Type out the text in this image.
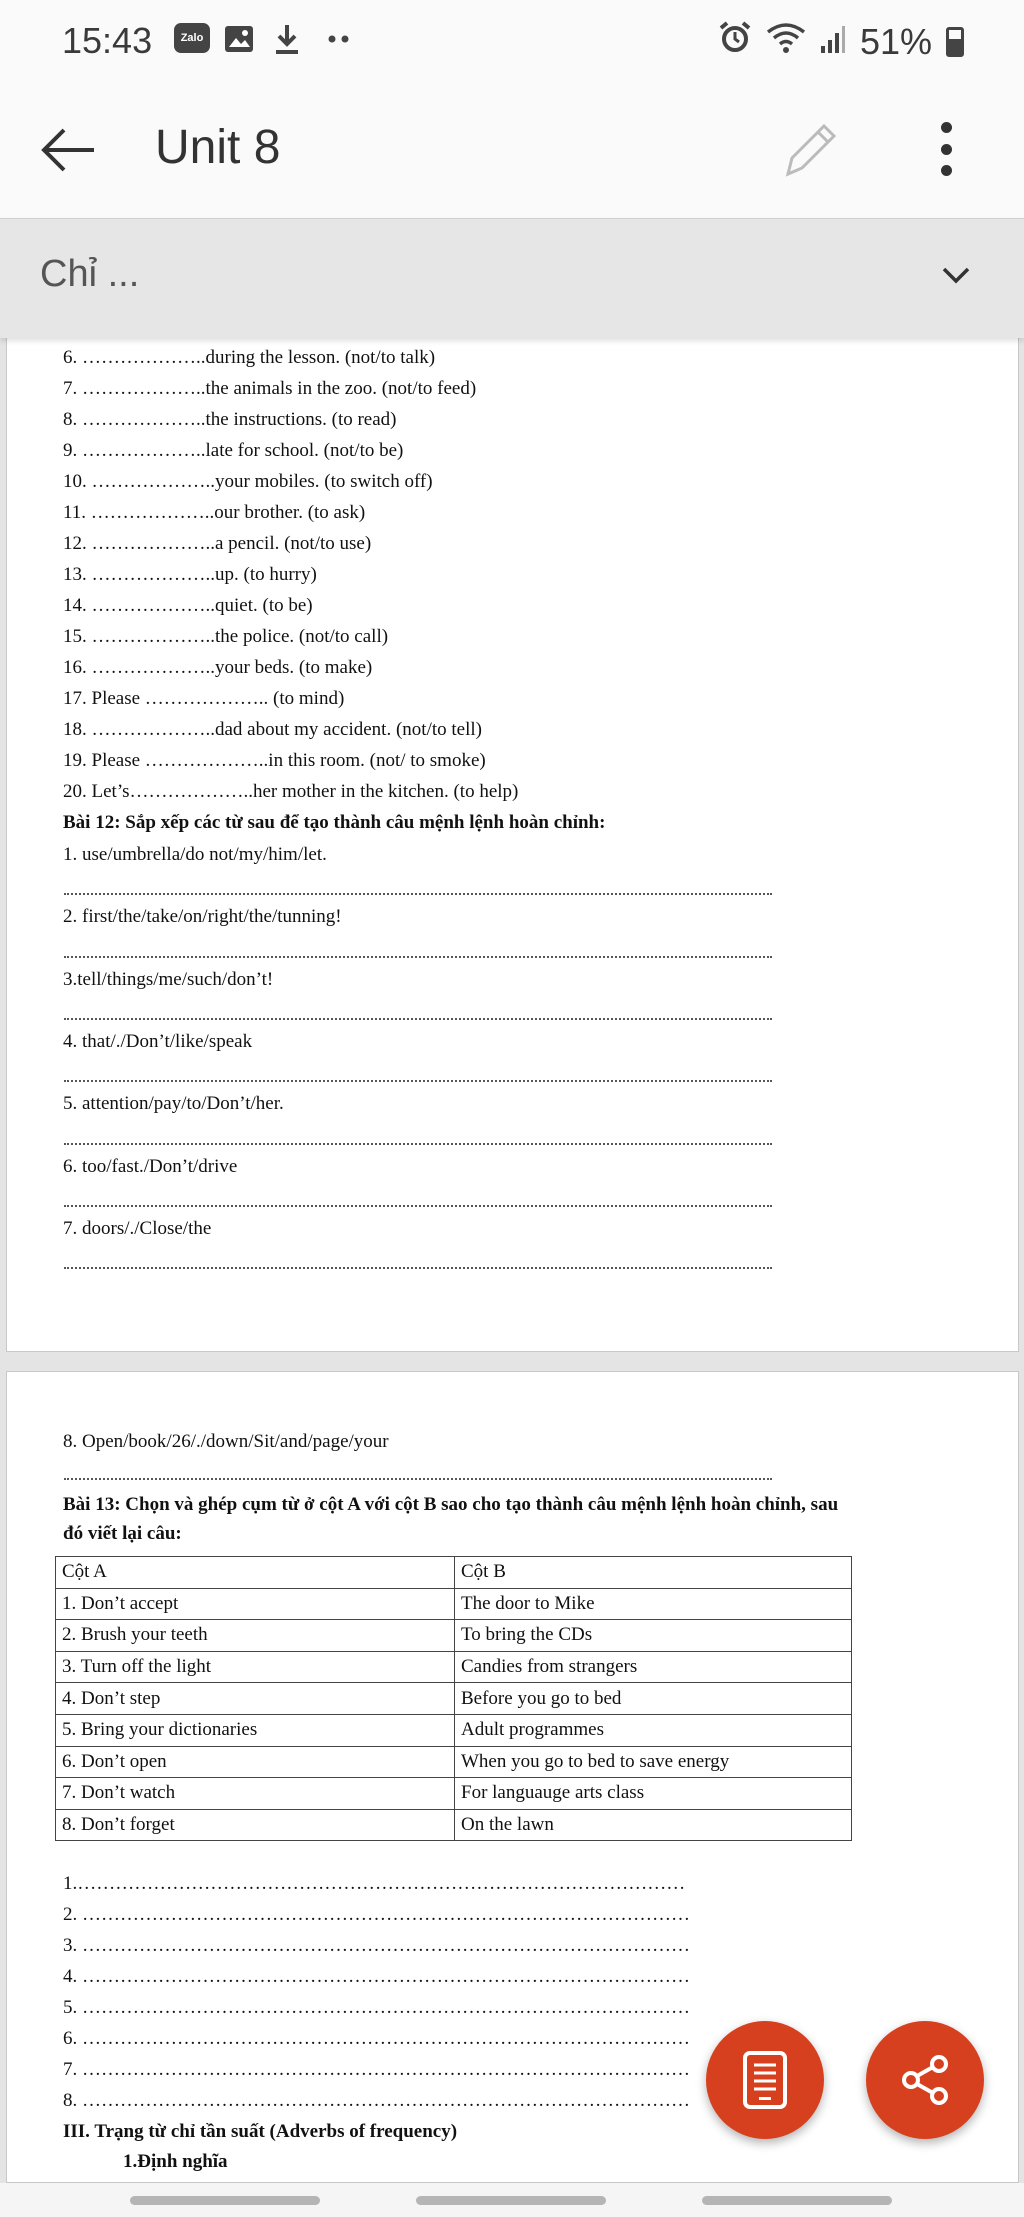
15:43	Zalo	51%
Unit 8
Chỉ ...
6. ………………..during the lesson. (not/to talk)
7. ………………..the animals in the zoo. (not/to feed)
8. ………………..the instructions. (to read)
9. ………………..late for school. (not/to be)
10. ………………..your mobiles. (to switch off)
11. ………………..our brother. (to ask)
12. ………………..a pencil. (not/to use)
13. ………………..up. (to hurry)
14. ………………..quiet. (to be)
15. ………………..the police. (not/to call)
16. ………………..your beds. (to make)
17. Please ……………….. (to mind)
18. ………………..dad about my accident. (not/to tell)
19. Please ………………..in this room. (not/ to smoke)
20. Let’s………………..her mother in the kitchen. (to help)
Bài 12: Sắp xếp các từ sau để tạo thành câu mệnh lệnh hoàn chỉnh:
1. use/umbrella/do not/my/him/let.
2. first/the/take/on/right/the/tunning!
3.tell/things/me/such/don’t!
4. that/./Don’t/like/speak
5. attention/pay/to/Don’t/her.
6. too/fast./Don’t/drive
7. doors/./Close/the
8. Open/book/26/./down/Sit/and/page/your
Bài 13: Chọn và ghép cụm từ ở cột A với cột B sao cho tạo thành câu mệnh lệnh hoàn chỉnh, sau
đó viết lại câu:
Cột A	Cột B
1. Don’t accept	The door to Mike
2. Brush your teeth	To bring the CDs
3. Turn off the light	Candies from strangers
4. Don’t step	Before you go to bed
5. Bring your dictionaries	Adult programmes
6. Don’t open	When you go to bed to save energy
7. Don’t watch	For languauge arts class
8. Don’t forget	On the lawn
1.……………………………………………………………………………………
2. ……………………………………………………………………………………
3. ……………………………………………………………………………………
4. ……………………………………………………………………………………
5. ……………………………………………………………………………………
6. ……………………………………………………………………………………
7. ……………………………………………………………………………………
8. ……………………………………………………………………………………
III. Trạng từ chỉ tần suất (Adverbs of frequency)
1.Định nghĩa
